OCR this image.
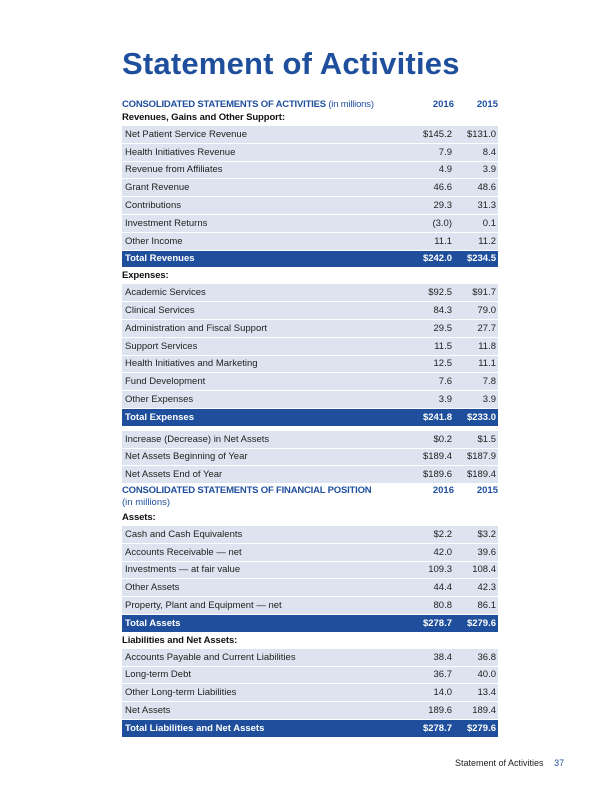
Statement of Activities
CONSOLIDATED STATEMENTS OF ACTIVITIES (in millions)	2016	2015
Revenues, Gains and Other Support:
Net Patient Service Revenue	$145.2	$131.0
Health Initiatives Revenue	7.9	8.4
Revenue from Affiliates	4.9	3.9
Grant Revenue	46.6	48.6
Contributions	29.3	31.3
Investment Returns	(3.0)	0.1
Other Income	11.1	11.2
Total Revenues	$242.0	$234.5
Expenses:
Academic Services	$92.5	$91.7
Clinical Services	84.3	79.0
Administration and Fiscal Support	29.5	27.7
Support Services	11.5	11.8
Health Initiatives and Marketing	12.5	11.1
Fund Development	7.6	7.8
Other Expenses	3.9	3.9
Total Expenses	$241.8	$233.0
Increase (Decrease) in Net Assets	$0.2	$1.5
Net Assets Beginning of Year	$189.4	$187.9
Net Assets End of Year	$189.6	$189.4
CONSOLIDATED STATEMENTS OF FINANCIAL POSITION	2016	2015
(in millions)
Assets:
Cash and Cash Equivalents	$2.2	$3.2
Accounts Receivable — net	42.0	39.6
Investments — at fair value	109.3	108.4
Other Assets	44.4	42.3
Property, Plant and Equipment — net	80.8	86.1
Total Assets	$278.7	$279.6
Liabilities and Net Assets:
Accounts Payable and Current Liabilities	38.4	36.8
Long-term Debt	36.7	40.0
Other Long-term Liabilities	14.0	13.4
Net Assets	189.6	189.4
Total Liabilities and Net Assets	$278.7	$279.6
Statement of Activities 37
